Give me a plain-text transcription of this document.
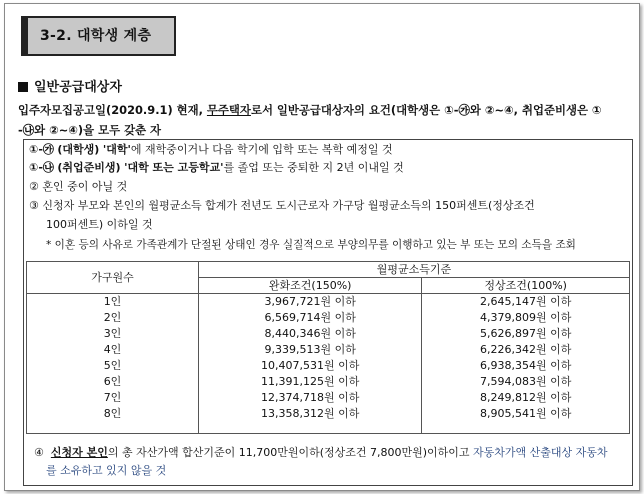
3-2. 대학생 계층
일반공급대상자
입주자모집공고일(2020.9.1) 현재, 무주택자로서 일반공급대상자의 요건(대학생은 ①-㉮와 ②~④, 취업준비생은 ①
-㉯와 ②~④)을 모두 갖춘 자
①-㉮ (대학생) '대학'에 재학중이거나 다음 학기에 입학 또는 복학 예정일 것
①-㉯ (취업준비생) '대학 또는 고등학교'를 졸업 또는 중퇴한 지 2년 이내일 것
② 혼인 중이 아닐 것
③ 신청자 부모와 본인의 월평균소득 합계가 전년도 도시근로자 가구당 월평균소득의 150퍼센트(정상조건
100퍼센트) 이하일 것
* 이혼 등의 사유로 가족관계가 단절된 상태인 경우 실질적으로 부양의무를 이행하고 있는 부 또는 모의 소득을 조회
가구원수	월평균소득기준	
	완화조건(150%)	정상조건(100%)
1인	3,967,721원 이하	2,645,147원 이하
2인	6,569,714원 이하	4,379,809원 이하
3인	8,440,346원 이하	5,626,897원 이하
4인	9,339,513원 이하	6,226,342원 이하
5인	10,407,531원 이하	6,938,354원 이하
6인	11,391,125원 이하	7,594,083원 이하
7인	12,374,718원 이하	8,249,812원 이하
8인	13,358,312원 이하	8,905,541원 이하

④ 신청자 본인의 총 자산가액 합산기준이 11,700만원이하(정상조건 7,800만원)이하이고 자동차가액 산출대상 자동차
를 소유하고 있지 않을 것
